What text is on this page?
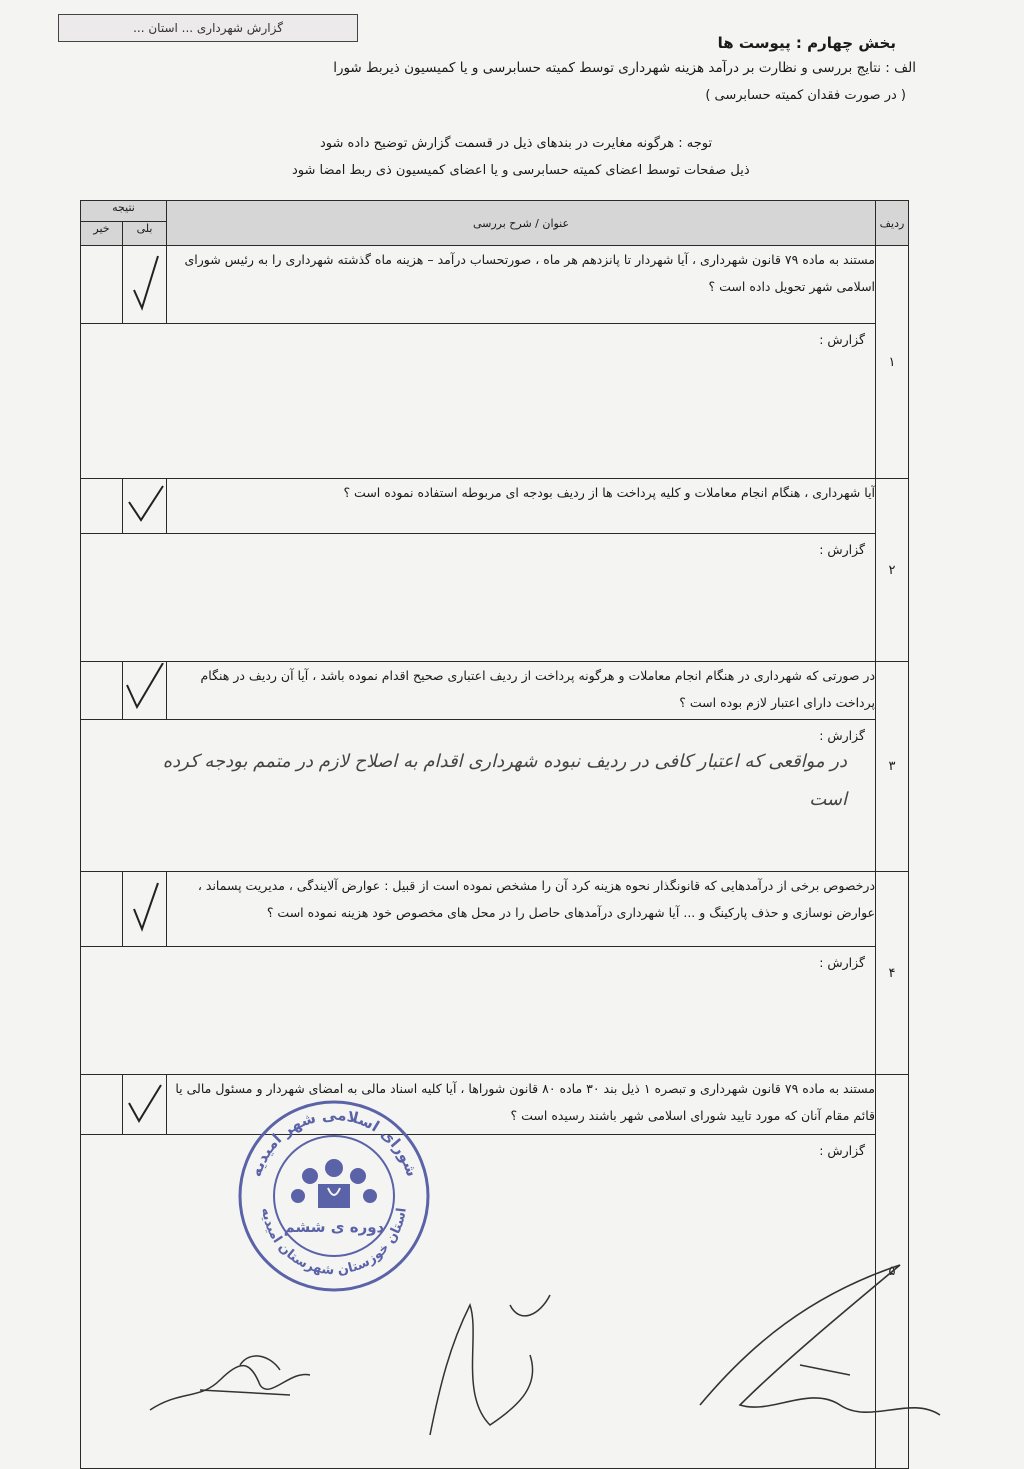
گزارش شهرداری ... استان ...
بخش چهارم : پیوست ها
الف : نتایج بررسی و نظارت بر درآمد هزینه شهرداری توسط کمیته حسابرسی و یا کمیسیون ذیربط شورا
( در صورت فقدان کمیته حسابرسی )
توجه : هرگونه مغایرت در بندهای ذیل در قسمت گزارش توضیح داده شود
ذیل صفحات توسط اعضای کمیته حسابرسی و یا اعضای کمیسیون ذی ربط امضا شود
نتیجه		عنوان / شرح بررسی	ردیف
خیر	بلی		
		مستند به ماده ۷۹ قانون شهرداری ، آیا شهردار تا پانزدهم هر ماه ، صورتحساب درآمد – هزینه ماه گذشته شهرداری را به رئیس شورای اسلامی شهر تحویل داده است ؟	۱

گزارش :			

		آیا شهرداری ، هنگام انجام معاملات و کلیه پرداخت ها از ردیف بودجه ای مربوطه استفاده نموده است ؟	۲

گزارش :			

		در صورتی که شهرداری در هنگام انجام معاملات و هرگونه پرداخت از ردیف اعتباری صحیح اقدام نموده باشد ، آیا آن ردیف در هنگام پرداخت دارای اعتبار لازم بوده است ؟	۳

گزارش :
در مواقعی که اعتبار کافی در ردیف نبوده شهرداری اقدام به اصلاح لازم در متمم بودجه کرده است			

		درخصوص برخی از درآمدهایی که قانونگذار نحوه هزینه کرد آن را مشخص نموده است از قبیل : عوارض آلایندگی ، مدیریت پسماند ، عوارض نوسازی و حذف پارکینگ و ... آیا شهرداری درآمدهای حاصل را در محل های مخصوص خود هزینه نموده است ؟	۴

گزارش :			

		مستند به ماده ۷۹ قانون شهرداری و تبصره ۱ ذیل بند ۳۰ ماده ۸۰ قانون شوراها ، آیا کلیه اسناد مالی به امضای شهردار و مسئول مالی یا قائم مقام آنان که مورد تایید شورای اسلامی شهر باشند رسیده است ؟	۵

گزارش :			
شورای اسلامی شهر امیدیه
استان خوزستان شهرستان امیدیه
دوره ی ششم
